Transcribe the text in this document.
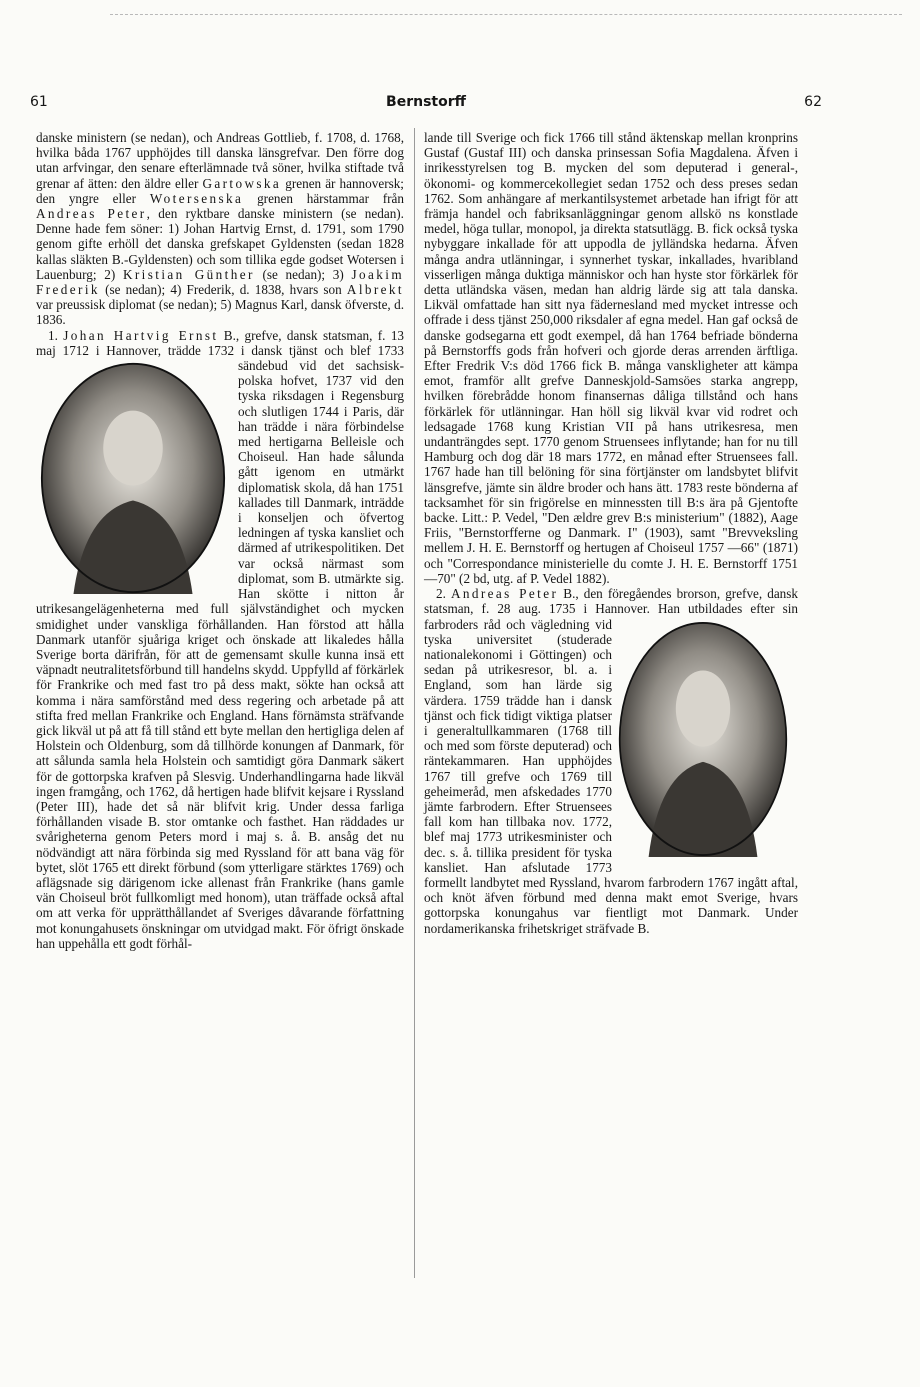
61	Bernstorff	62

danske ministern (se nedan), och Andreas Gottlieb, f. 1708, d. 1768, hvilka båda 1767 upphöjdes till danska länsgrefvar. Den förre dog utan arfvingar, den senare efterlämnade två söner, hvilka stiftade två grenar af ätten: den äldre eller Gartowska grenen är hannoversk; den yngre eller Wotersenska grenen härstammar från Andreas Peter, den ryktbare danske ministern (se nedan). Denne hade fem söner: 1) Johan Hartvig Ernst, d. 1791, som 1790 genom gifte erhöll det danska grefskapet Gyldensten (sedan 1828 kallas släkten B.-Gyldensten) och som tillika egde godset Wotersen i Lauenburg; 2) Kristian Günther (se nedan); 3) Joakim Frederik (se nedan); 4) Frederik, d. 1838, hvars son Albrekt var preussisk diplomat (se nedan); 5) Magnus Karl, dansk öfverste, d. 1836.

1. Johan Hartvig Ernst B., grefve, dansk statsman, f. 13 maj 1712 i Hannover, trädde 1732 i
dansk tjänst och blef 1733 sändebud vid det sachsisk-polska hofvet, 1737 vid den tyska riksdagen i Regensburg och slutligen 1744 i Paris, där han trädde i nära förbindelse med hertigarna Belleisle och Choiseul. Han hade sålunda gått igenom en utmärkt diplomatisk skola, då han 1751 kallades till Danmark, inträdde i konseljen och öfvertog ledningen af tyska kansliet och därmed af utrikespolitiken. Det var också närmast som diplomat, som B. utmärkte sig. Han skötte i nitton år utrikesangelägenheterna med full självständighet och mycken smidighet under vanskliga förhållanden. Han förstod att hålla Danmark utanför sjuåriga kriget och önskade att likaledes hålla Sverige borta därifrån, för att de gemensamt skulle kunna insä ett väpnadt neutralitetsförbund till handelns skydd. Uppfylld af förkärlek för Frankrike och med fast tro på dess makt, sökte han också att komma i nära samförstånd med dess regering och arbetade på att stifta fred mellan Frankrike och England. Hans förnämsta sträfvande gick likväl ut på att få till stånd ett byte mellan den hertigliga delen af Holstein och Oldenburg, som då tillhörde konungen af Danmark, för att sålunda samla hela Holstein och samtidigt göra Danmark säkert för de gottorpska krafven på Slesvig. Underhandlingarna hade likväl ingen framgång, och 1762, då hertigen hade blifvit kejsare i Ryssland (Peter III), hade det så när blifvit krig. Under dessa farliga förhållanden visade B. stor omtanke och fasthet. Han räddades ur svårigheterna genom Peters mord i maj s. å. B. ansåg det nu nödvändigt att nära förbinda sig med Ryssland för att bana väg för bytet, slöt 1765 ett direkt förbund (som ytterligare stärktes 1769) och aflägsnade sig därigenom icke allenast från Frankrike (hans gamle vän Choiseul bröt fullkomligt med honom), utan träffade också aftal om att verka för upprätthållandet af Sveriges dåvarande författning mot konungahusets önskningar om utvidgad makt. För öfrigt önskade han uppehålla ett godt förhål-

lande till Sverige och fick 1766 till stånd äktenskap mellan kronprins Gustaf (Gustaf III) och danska prinsessan Sofia Magdalena. Äfven i inrikesstyrelsen tog B. mycken del som deputerad i general-, ökonomi- og kommercekollegiet sedan 1752 och dess preses sedan 1762. Som anhängare af merkantilsystemet arbetade han ifrigt för att främja handel och fabriksanläggningar genom allskö ns konstlade medel, höga tullar, monopol, ja direkta statsutlägg. B. fick också tyska nybyggare inkallade för att uppodla de jylländska hedarna. Äfven många andra utlänningar, i synnerhet tyskar, inkallades, hvaribland visserligen många duktiga människor och han hyste stor förkärlek för detta utländska väsen, medan han aldrig lärde sig att tala danska. Likväl omfattade han sitt nya fädernesland med mycket intresse och offrade i dess tjänst 250,000 riksdaler af egna medel. Han gaf också de danske godsegarna ett godt exempel, då han 1764 befriade bönderna på Bernstorffs gods från hofveri och gjorde deras arrenden ärftliga. Efter Fredrik V:s död 1766 fick B. många vanskligheter att kämpa emot, framför allt grefve Danneskjold-Samsöes starka angrepp, hvilken förebrådde honom finansernas dåliga tillstånd och hans förkärlek för utlänningar. Han höll sig likväl kvar vid rodret och ledsagade 1768 kung Kristian VII på hans utrikesresa, men undanträngdes sept. 1770 genom Struensees inflytande; han for nu till Hamburg och dog där 18 mars 1772, en månad efter Struensees fall. 1767 hade han till belöning för sina förtjänster om landsbytet blifvit länsgrefve, jämte sin äldre broder och hans ätt. 1783 reste bönderna af tacksamhet för sin frigörelse en minnessten till B:s ära på Gjentofte backe. Litt.: P. Vedel, "Den ældre grev B:s ministerium" (1882), Aage Friis, "Bernstorfferne og Danmark. I" (1903), samt "Brevveksling mellem J. H. E. Bernstorff og hertugen af Choiseul 1757 —66" (1871) och "Correspondance ministerielle du comte J. H. E. Bernstorff 1751—70" (2 bd, utg. af P. Vedel 1882).

2. Andreas Peter B., den föregåendes brorson, grefve, dansk statsman, f. 28 aug. 1735 i Hannover.
Han utbildades efter sin farbroders råd och vägledning vid tyska universitet (studerade nationalekonomi i Göttingen) och sedan på utrikesresor, bl. a. i England, som han lärde sig värdera. 1759 trädde han i dansk tjänst och fick tidigt viktiga platser i generaltullkammaren (1768 till och med som förste deputerad) och räntekammaren. Han upphöjdes 1767 till grefve och 1769 till geheimeråd, men afskedades 1770 jämte farbrodern. Efter Struensees fall kom han tillbaka nov. 1772, blef maj 1773 utrikesminister och dec. s. å. tillika president för tyska kansliet. Han afslutade 1773 formellt landbytet med Ryssland, hvarom farbrodern 1767 ingått aftal, och knöt äfven förbund med denna makt emot Sverige, hvars gottorpska konungahus var fientligt mot Danmark. Under nordamerikanska frihetskriget sträfvade B.
